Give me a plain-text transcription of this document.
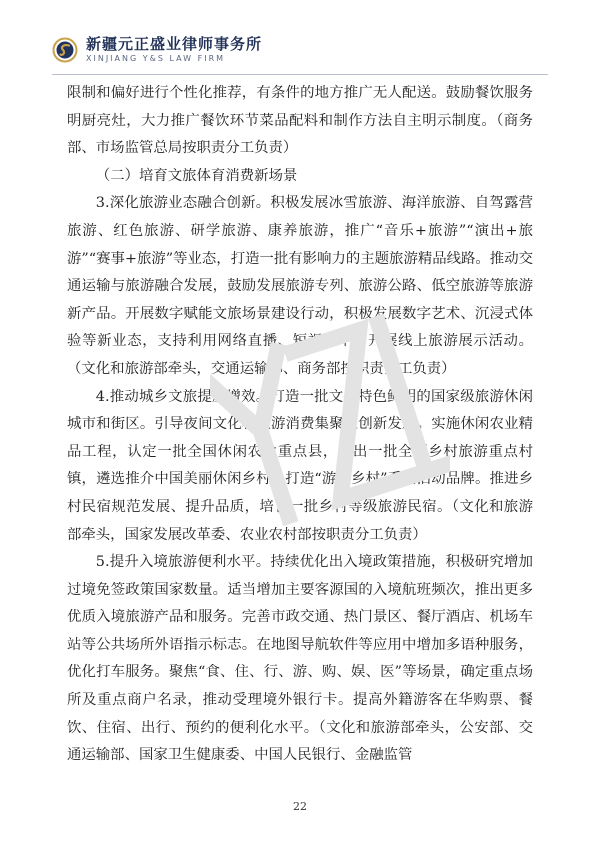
新疆元正盛业律师事务所
XINJIANG Y&S LAW FIRM

限制和偏好进行个性化推荐，有条件的地方推广无人配送。鼓励餐饮服务明厨亮灶，大力推广餐饮环节菜品配料和制作方法自主明示制度。（商务部、市场监管总局按职责分工负责）

（二）培育文旅体育消费新场景

3.深化旅游业态融合创新。积极发展冰雪旅游、海洋旅游、自驾露营旅游、红色旅游、研学旅游、康养旅游，推广“音乐+旅游”“演出+旅游”“赛事+旅游”等业态，打造一批有影响力的主题旅游精品线路。推动交通运输与旅游融合发展，鼓励发展旅游专列、旅游公路、低空旅游等旅游新产品。开展数字赋能文旅场景建设行动，积极发展数字艺术、沉浸式体验等新业态，支持利用网络直播、短视频平台开展线上旅游展示活动。（文化和旅游部牵头，交通运输部、商务部按职责分工负责）

4.推动城乡文旅提质增效。打造一批文化特色鲜明的国家级旅游休闲城市和街区。引导夜间文化和旅游消费集聚区创新发展。实施休闲农业精品工程，认定一批全国休闲农业重点县，推出一批全国乡村旅游重点村镇，遴选推介中国美丽休闲乡村。打造“游购乡村”系列活动品牌。推进乡村民宿规范发展、提升品质，培育一批乡村等级旅游民宿。（文化和旅游部牵头，国家发展改革委、农业农村部按职责分工负责）

5.提升入境旅游便利水平。持续优化出入境政策措施，积极研究增加过境免签政策国家数量。适当增加主要客源国的入境航班频次，推出更多优质入境旅游产品和服务。完善市政交通、热门景区、餐厅酒店、机场车站等公共场所外语指示标志。在地图导航软件等应用中增加多语种服务，优化打车服务。聚焦“食、住、行、游、购、娱、医”等场景，确定重点场所及重点商户名录，推动受理境外银行卡。提高外籍游客在华购票、餐饮、住宿、出行、预约的便利化水平。（文化和旅游部牵头，公安部、交通运输部、国家卫生健康委、中国人民银行、金融监管

22
